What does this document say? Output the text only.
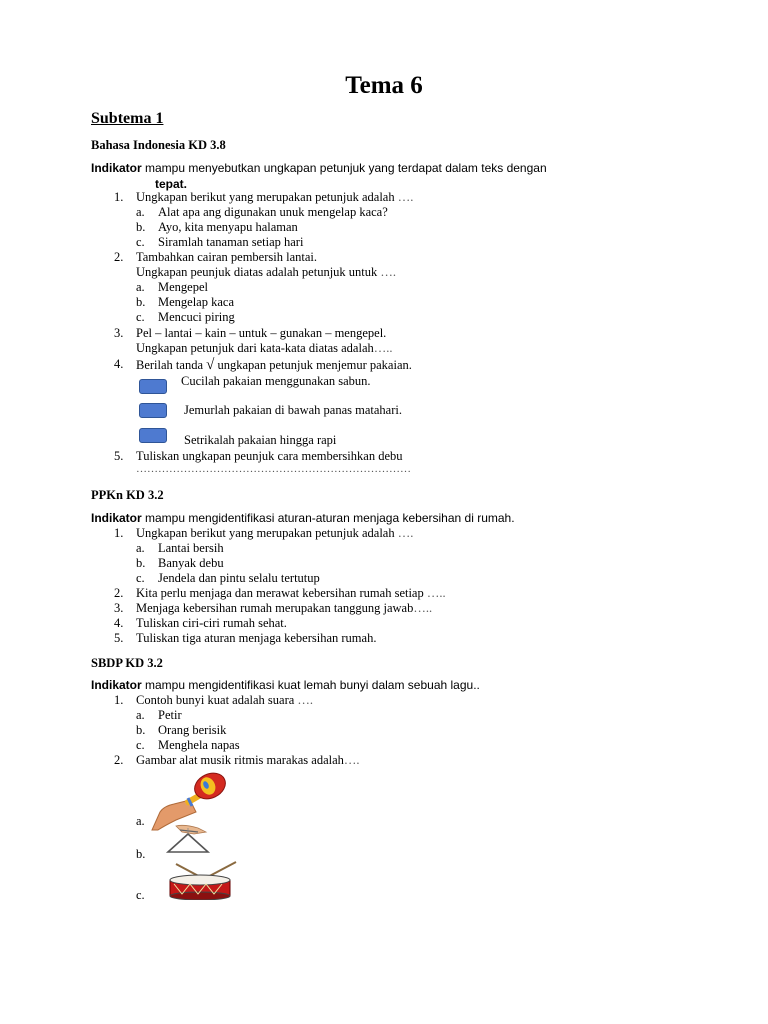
Tema 6
Subtema 1
Bahasa Indonesia KD 3.8
Indikator mampu menyebutkan ungkapan petunjuk yang terdapat dalam teks dengan
tepat.
1. Ungkapan berikut yang merupakan petunjuk adalah ….
a. Alat apa ang digunakan unuk mengelap kaca?
b. Ayo, kita menyapu halaman
c. Siramlah tanaman setiap hari
2. Tambahkan cairan pembersih lantai.
Ungkapan peunjuk diatas adalah petunjuk untuk ….
a. Mengepel
b. Mengelap kaca
c. Mencuci piring
3. Pel – lantai – kain – untuk – gunakan – mengepel.
Ungkapan petunjuk dari kata-kata diatas adalah…..
4. Berilah tanda √ ungkapan petunjuk menjemur pakaian.
Cucilah pakaian menggunakan sabun.
Jemurlah pakaian di bawah panas matahari.
Setrikalah pakaian hingga rapi
5. Tuliskan ungkapan peunjuk cara membersihkan debu
…………………………………………………………………
PPKn KD 3.2
Indikator mampu mengidentifikasi aturan-aturan menjaga kebersihan di rumah.
1. Ungkapan berikut yang merupakan petunjuk adalah ….
a. Lantai bersih
b. Banyak debu
c. Jendela dan pintu selalu tertutup
2. Kita perlu menjaga dan merawat kebersihan rumah setiap …..
3. Menjaga kebersihan rumah merupakan tanggung jawab…..
4. Tuliskan ciri-ciri rumah sehat.
5. Tuliskan tiga aturan menjaga kebersihan rumah.
SBDP KD 3.2
Indikator mampu mengidentifikasi kuat lemah bunyi dalam sebuah lagu..
1. Contoh bunyi kuat adalah suara ….
a. Petir
b. Orang berisik
c. Menghela napas
2. Gambar alat musik ritmis marakas adalah….
a.
b.
c.
